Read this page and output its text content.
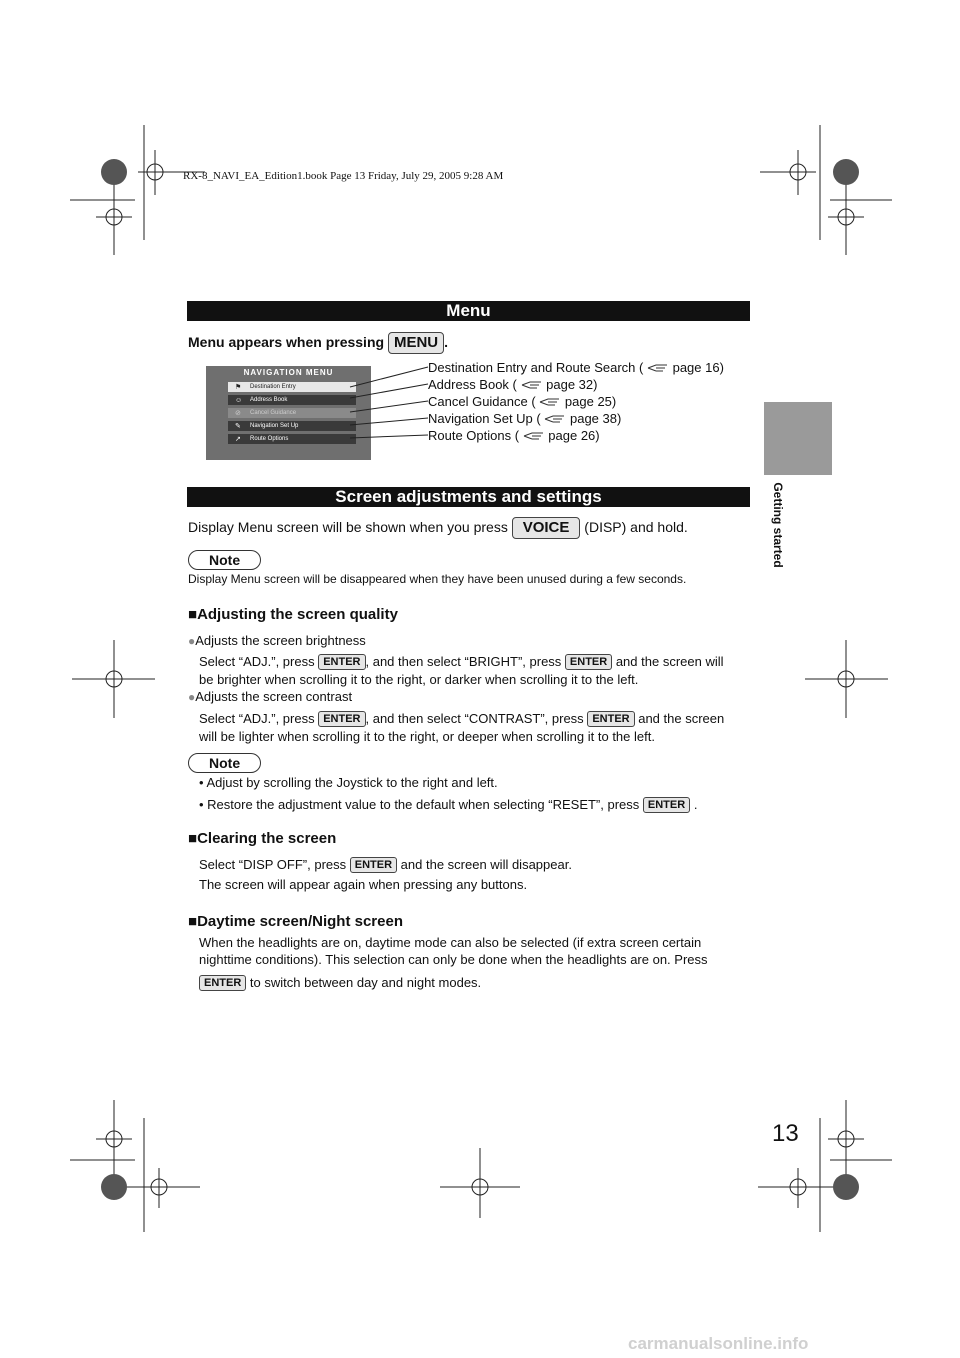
RX-8_NAVI_EA_Edition1.book Page 13 Friday, July 29, 2005 9:28 AM
Getting started
Menu
Menu appears when pressing MENU .
NAVIGATION MENU
⚑ Destination Entry
☺ Address Book
⊘ Cancel Guidance
✎ Navigation Set Up
↗ Route Options
Destination Entry and Route Search ( page 16)
Address Book ( page 32)
Cancel Guidance ( page 25)
Navigation Set Up ( page 38)
Route Options ( page 26)
Screen adjustments and settings
Display Menu screen will be shown when you press VOICE (DISP) and hold.
Note
Display Menu screen will be disappeared when they have been unused during a few seconds.
■Adjusting the screen quality
●Adjusts the screen brightness
Select “ADJ.”, press ENTER , and then select “BRIGHT”, press ENTER and the screen will
be brighter when scrolling it to the right, or darker when scrolling it to the left.
●Adjusts the screen contrast
Select “ADJ.”, press ENTER , and then select “CONTRAST”, press ENTER and the screen
will be lighter when scrolling it to the right, or deeper when scrolling it to the left.
Note
• Adjust by scrolling the Joystick to the right and left.
• Restore the adjustment value to the default when selecting “RESET”, press ENTER .
■Clearing the screen
Select “DISP OFF”, press ENTER and the screen will disappear.
The screen will appear again when pressing any buttons.
■Daytime screen/Night screen
When the headlights are on, daytime mode can also be selected (if extra screen certain
nighttime conditions). This selection can only be done when the headlights are on. Press
ENTER to switch between day and night modes.
13
carmanualsonline.info
